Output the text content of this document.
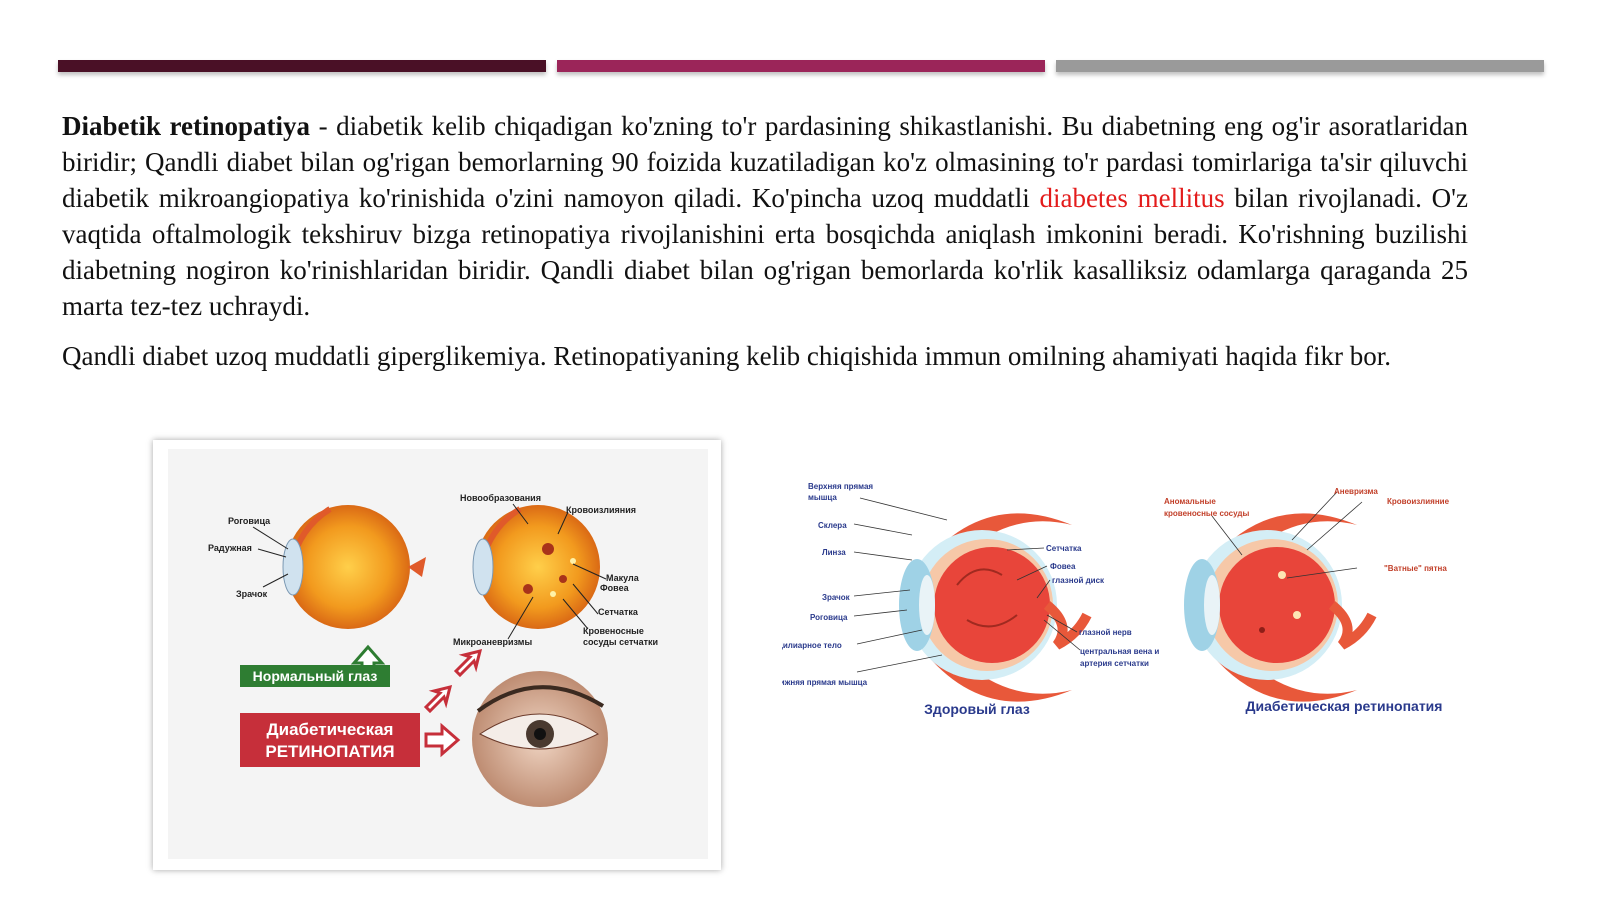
Diabetik retinopatiya - diabetik kelib chiqadigan ko'zning to'r pardasining shikastlanishi. Bu diabetning eng og'ir asoratlaridan biridir; Qandli diabet bilan og'rigan bemorlarning 90 foizida kuzatiladigan ko'z olmasining to'r pardasi tomirlariga ta'sir qiluvchi diabetik mikroangiopatiya ko'rinishida o'zini namoyon qiladi. Ko'pincha uzoq muddatli diabetes mellitus bilan rivojlanadi. O'z vaqtida oftalmologik tekshiruv bizga retinopatiya rivojlanishini erta bosqichda aniqlash imkonini beradi. Ko'rishning buzilishi diabetning nogiron ko'rinishlaridan biridir. Qandli diabet bilan og'rigan bemorlarda ko'rlik kasalliksiz odamlarga qaraganda 25 marta tez-tez uchraydi.

Qandli diabet uzoq muddatli giperglikemiya. Retinopatiyaning kelib chiqishida immun omilning ahamiyati haqida fikr bor.

Роговица
Радужная
Зрачок
Новообразования
Кровоизлияния
Макула
Фовеа
Сетчатка
Микроаневризмы
Кровеносные
сосуды сетчатки
Нормальный глаз
Диабетическая
РЕТИНОПАТИЯ
Верхняя прямая
мышца
Склера
Линза
Зрачок
Роговица
Цилиарное тело
Нижняя прямая мышца
Сетчатка
Фовеа
глазной диск
глазной нерв
центральная вена и
артерия сетчатки
Здоровый глаз
Аномальные
кровеносные сосуды
Аневризма
Кровоизлияние
"Ватные" пятна
Диабетическая ретинопатия
